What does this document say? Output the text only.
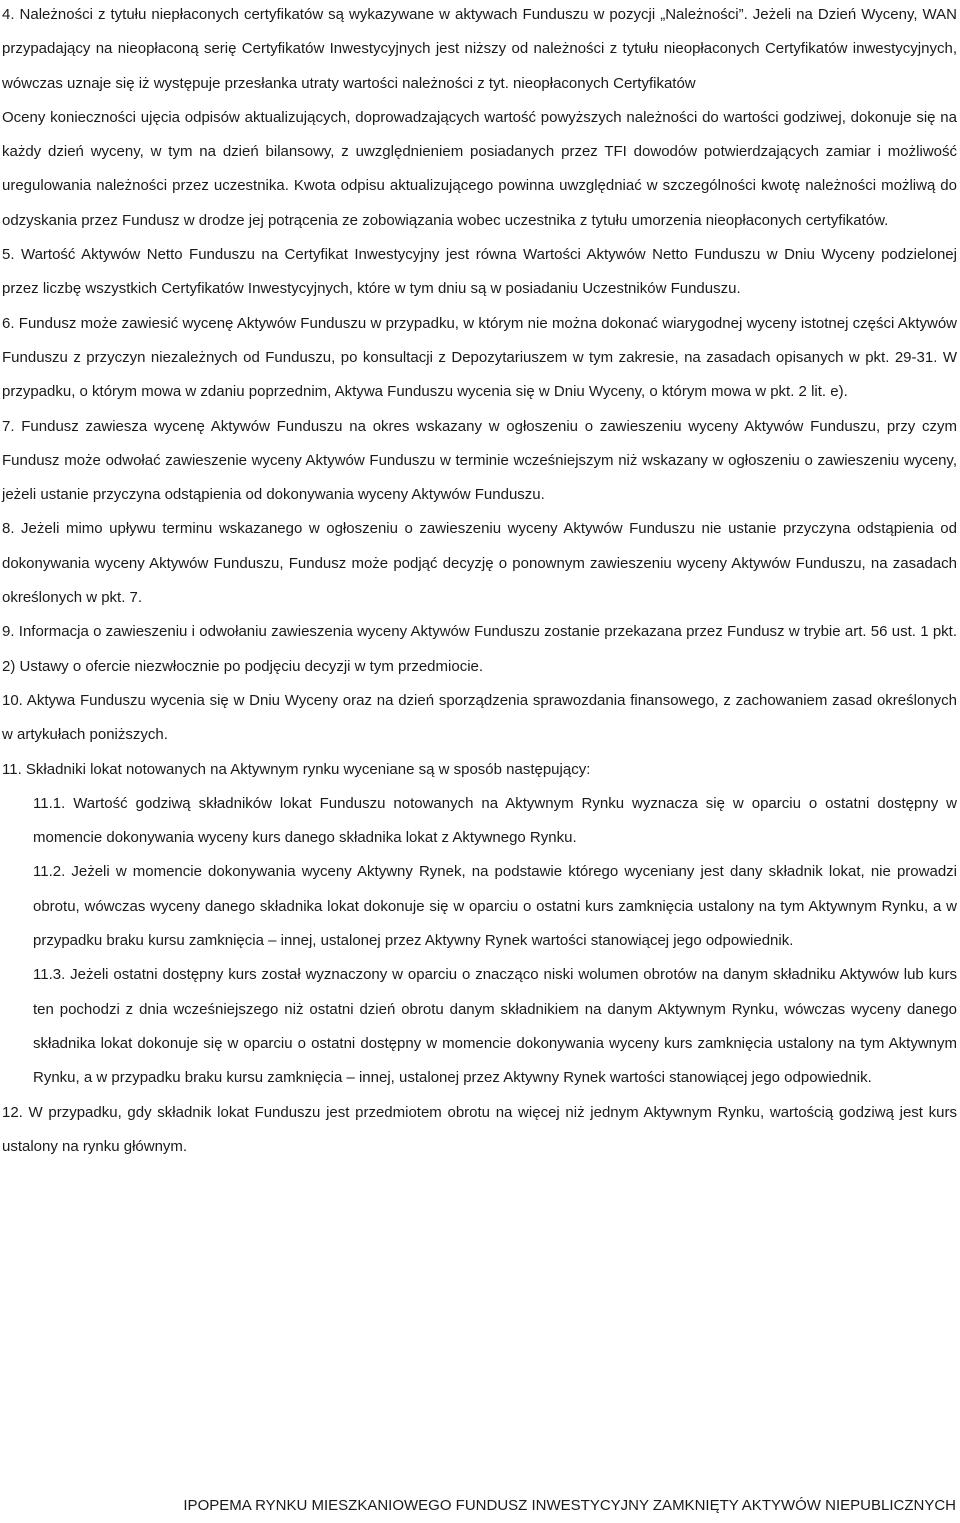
4. Należności z tytułu niepłaconych certyfikatów są wykazywane w aktywach Funduszu w pozycji „Należności”. Jeżeli na Dzień Wyceny, WAN przypadający na nieopłaconą serię Certyfikatów Inwestycyjnych jest niższy od należności z tytułu nieopłaconych Certyfikatów inwestycyjnych, wówczas uznaje się iż występuje przesłanka utraty wartości należności z tyt. nieopłaconych Certyfikatów

Oceny konieczności ujęcia odpisów aktualizujących, doprowadzających wartość powyższych należności do wartości godziwej, dokonuje się na każdy dzień wyceny, w tym na dzień bilansowy, z uwzględnieniem posiadanych przez TFI dowodów potwierdzających zamiar i możliwość uregulowania należności przez uczestnika. Kwota odpisu aktualizującego powinna uwzględniać w szczególności kwotę należności możliwą do odzyskania przez Fundusz w drodze jej potrącenia ze zobowiązania wobec uczestnika z tytułu umorzenia nieopłaconych certyfikatów.

5. Wartość Aktywów Netto Funduszu na Certyfikat Inwestycyjny jest równa Wartości Aktywów Netto Funduszu w Dniu Wyceny podzielonej przez liczbę wszystkich Certyfikatów Inwestycyjnych, które w tym dniu są w posiadaniu Uczestników Funduszu.

6. Fundusz może zawiesić wycenę Aktywów Funduszu w przypadku, w którym nie można dokonać wiarygodnej wyceny istotnej części Aktywów Funduszu z przyczyn niezależnych od Funduszu, po konsultacji z Depozytariuszem w tym zakresie, na zasadach opisanych w pkt. 29-31. W przypadku, o którym mowa w zdaniu poprzednim, Aktywa Funduszu wycenia się w Dniu Wyceny, o którym mowa w pkt. 2 lit. e).

7. Fundusz zawiesza wycenę Aktywów Funduszu na okres wskazany w ogłoszeniu o zawieszeniu wyceny Aktywów Funduszu, przy czym Fundusz może odwołać zawieszenie wyceny Aktywów Funduszu w terminie wcześniejszym niż wskazany w ogłoszeniu o zawieszeniu wyceny, jeżeli ustanie przyczyna odstąpienia od dokonywania wyceny Aktywów Funduszu.

8. Jeżeli mimo upływu terminu wskazanego w ogłoszeniu o zawieszeniu wyceny Aktywów Funduszu nie ustanie przyczyna odstąpienia od dokonywania wyceny Aktywów Funduszu, Fundusz może podjąć decyzję o ponownym zawieszeniu wyceny Aktywów Funduszu, na zasadach określonych w pkt. 7.

9. Informacja o zawieszeniu i odwołaniu zawieszenia wyceny Aktywów Funduszu zostanie przekazana przez Fundusz w trybie art. 56 ust. 1 pkt. 2) Ustawy o ofercie niezwłocznie po podjęciu decyzji w tym przedmiocie.

10. Aktywa Funduszu wycenia się w Dniu Wyceny oraz na dzień sporządzenia sprawozdania finansowego, z zachowaniem zasad określonych w artykułach poniższych.

11. Składniki lokat notowanych na Aktywnym rynku wyceniane są w sposób następujący:

11.1. Wartość godziwą składników lokat Funduszu notowanych na Aktywnym Rynku wyznacza się w oparciu o ostatni dostępny w momencie dokonywania wyceny kurs danego składnika lokat z Aktywnego Rynku.

11.2. Jeżeli w momencie dokonywania wyceny Aktywny Rynek, na podstawie którego wyceniany jest dany składnik lokat, nie prowadzi obrotu, wówczas wyceny danego składnika lokat dokonuje się w oparciu o ostatni kurs zamknięcia ustalony na tym Aktywnym Rynku, a w przypadku braku kursu zamknięcia – innej, ustalonej przez Aktywny Rynek wartości stanowiącej jego odpowiednik.

11.3. Jeżeli ostatni dostępny kurs został wyznaczony w oparciu o znacząco niski wolumen obrotów na danym składniku Aktywów lub kurs ten pochodzi z dnia wcześniejszego niż ostatni dzień obrotu danym składnikiem na danym Aktywnym Rynku, wówczas wyceny danego składnika lokat dokonuje się w oparciu o ostatni dostępny w momencie dokonywania wyceny kurs zamknięcia ustalony na tym Aktywnym Rynku, a w przypadku braku kursu zamknięcia – innej, ustalonej przez Aktywny Rynek wartości stanowiącej jego odpowiednik.

12. W przypadku, gdy składnik lokat Funduszu jest przedmiotem obrotu na więcej niż jednym Aktywnym Rynku, wartością godziwą jest kurs ustalony na rynku głównym.

IPOPEMA RYNKU MIESZKANIOWEGO FUNDUSZ INWESTYCYJNY ZAMKNIĘTY AKTYWÓW NIEPUBLICZNYCH
